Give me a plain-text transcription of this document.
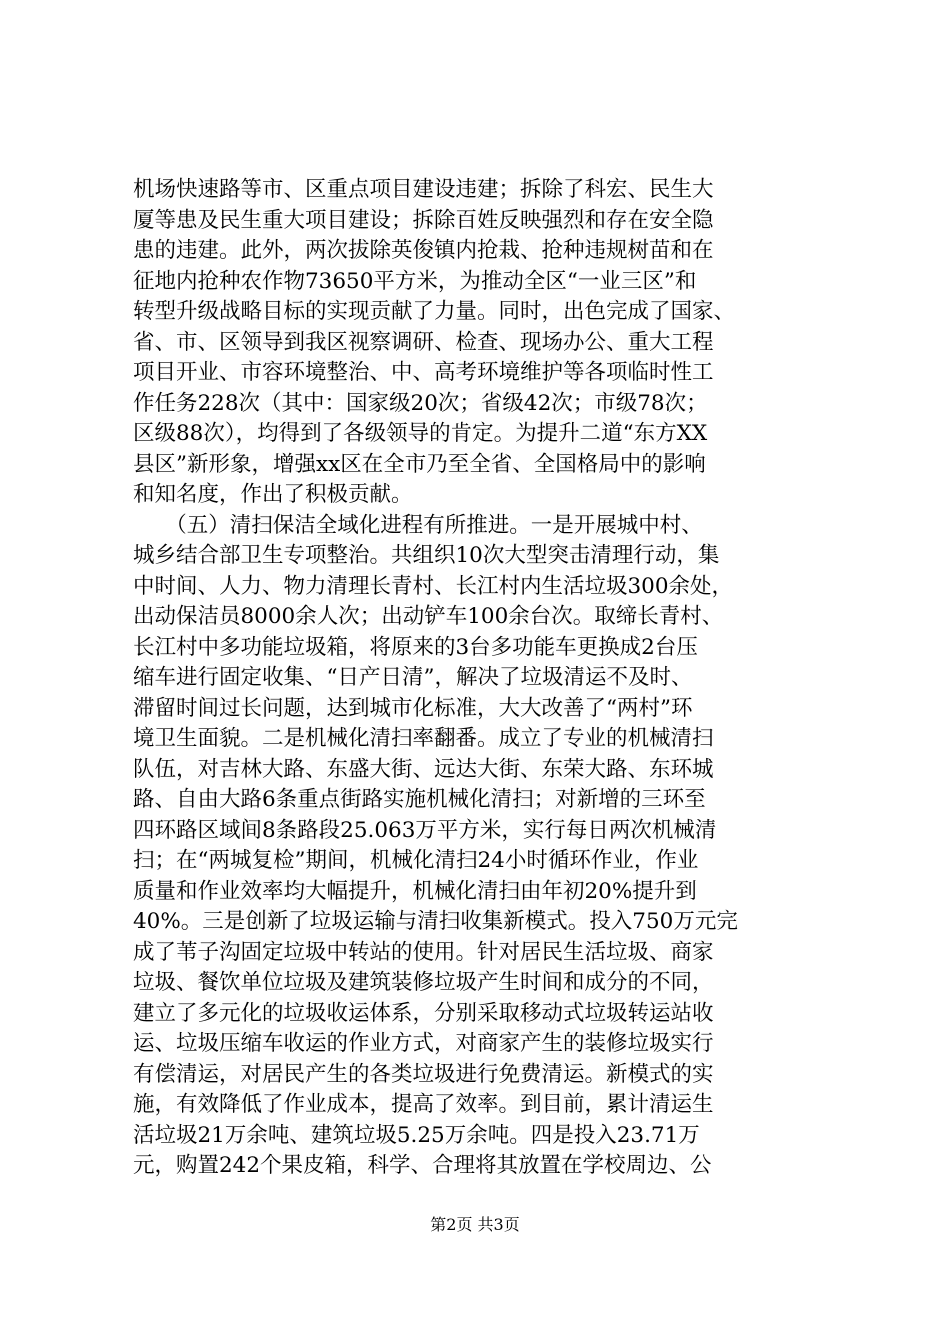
机场快速路等市、区重点项目建设违建；拆除了科宏、民生大
厦等患及民生重大项目建设；拆除百姓反映强烈和存在安全隐
患的违建。此外，两次拔除英俊镇内抢栽、抢种违规树苗和在
征地内抢种农作物73650平方米，为推动全区“一业三区”和
转型升级战略目标的实现贡献了力量。同时，出色完成了国家、
省、市、区领导到我区视察调研、检查、现场办公、重大工程
项目开业、市容环境整治、中、高考环境维护等各项临时性工
作任务228次（其中：国家级20次；省级42次；市级78次；
区级88次），均得到了各级领导的肯定。为提升二道“东方XX
县区”新形象，增强xx区在全市乃至全省、全国格局中的影响
和知名度，作出了积极贡献。
　　（五）清扫保洁全域化进程有所推进。一是开展城中村、
城乡结合部卫生专项整治。共组织10次大型突击清理行动，集
中时间、人力、物力清理长青村、长江村内生活垃圾300余处，
出动保洁员8000余人次；出动铲车100余台次。取缔长青村、
长江村中多功能垃圾箱，将原来的3台多功能车更换成2台压
缩车进行固定收集、“日产日清”，解决了垃圾清运不及时、
滞留时间过长问题，达到城市化标准，大大改善了“两村”环
境卫生面貌。二是机械化清扫率翻番。成立了专业的机械清扫
队伍，对吉林大路、东盛大街、远达大街、东荣大路、东环城
路、自由大路6条重点街路实施机械化清扫；对新增的三环至
四环路区域间8条路段25.063万平方米，实行每日两次机械清
扫；在“两城复检”期间，机械化清扫24小时循环作业，作业
质量和作业效率均大幅提升，机械化清扫由年初20%提升到
40%。三是创新了垃圾运输与清扫收集新模式。投入750万元完
成了苇子沟固定垃圾中转站的使用。针对居民生活垃圾、商家
垃圾、餐饮单位垃圾及建筑装修垃圾产生时间和成分的不同，
建立了多元化的垃圾收运体系，分别采取移动式垃圾转运站收
运、垃圾压缩车收运的作业方式，对商家产生的装修垃圾实行
有偿清运，对居民产生的各类垃圾进行免费清运。新模式的实
施，有效降低了作业成本，提高了效率。到目前，累计清运生
活垃圾21万余吨、建筑垃圾5.25万余吨。四是投入23.71万
元，购置242个果皮箱，科学、合理将其放置在学校周边、公
第2页 共3页
